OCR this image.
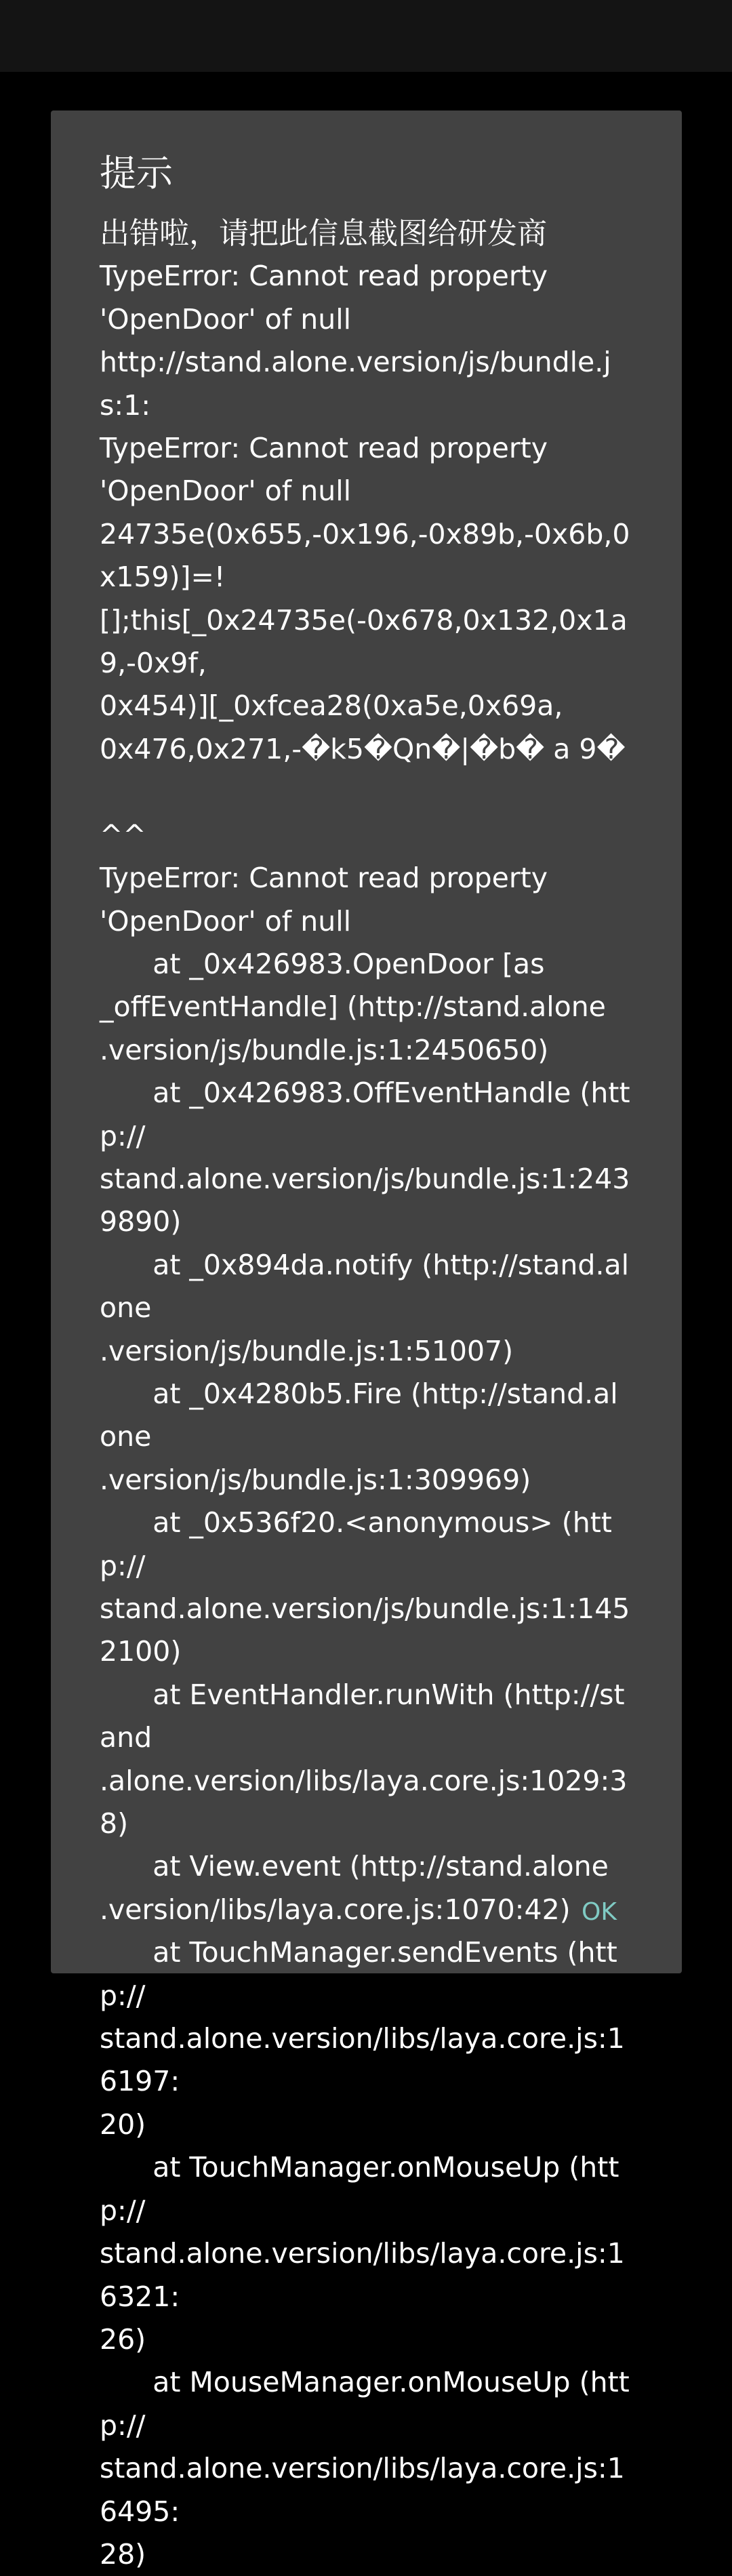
提示
出错啦，请把此信息截图给研发商
TypeError: Cannot read property
'OpenDoor' of null
http://stand.alone.version/js/bundle.js:1:
TypeError: Cannot read property
'OpenDoor' of null
24735e(0x655,-0x196,-0x89b,-0x6b,0x159)]=!
[];this[_0x24735e(-0x678,0x132,0x1a9,-0x9f,
0x454)][_0xfcea28(0xa5e,0x69a,
0x476,0x271,-�k5�Qn�|�b� a 9�

^^
TypeError: Cannot read property
'OpenDoor' of null
at _0x426983.OpenDoor [as
_offEventHandle] (http://stand.alone
.version/js/bundle.js:1:2450650)
at _0x426983.OffEventHandle (http://
stand.alone.version/js/bundle.js:1:2439890)
at _0x894da.notify (http://stand.alone
.version/js/bundle.js:1:51007)
at _0x4280b5.Fire (http://stand.alone
.version/js/bundle.js:1:309969)
at _0x536f20.<anonymous> (http://
stand.alone.version/js/bundle.js:1:1452100)
at EventHandler.runWith (http://stand
.alone.version/libs/laya.core.js:1029:38)
at View.event (http://stand.alone
.version/libs/laya.core.js:1070:42)
at TouchManager.sendEvents (http://
stand.alone.version/libs/laya.core.js:16197:
20)
at TouchManager.onMouseUp (http://
stand.alone.version/libs/laya.core.js:16321:
26)
at MouseManager.onMouseUp (http://
stand.alone.version/libs/laya.core.js:16495:
28)
OK
